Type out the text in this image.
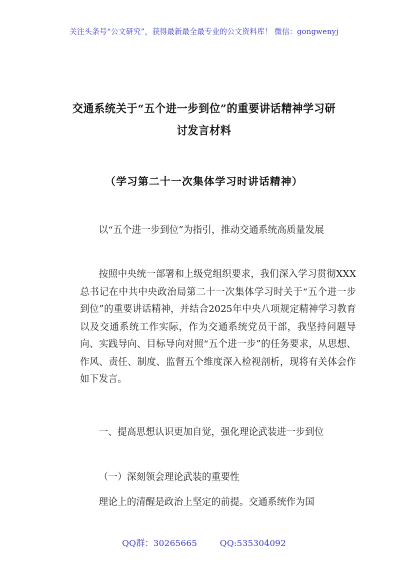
关注头条号“公文研究”，获得最新最全最专业的公文资料库！ 微信：gongwenyj
交通系统关于“五个进一步到位”的重要讲话精神学习研
讨发言材料
（学习第二十一次集体学习时讲话精神）

以“五个进一步到位”为指引，推动交通系统高质量发展

按照中央统一部署和上级党组织要求，我们深入学习贯彻XXX总书记在中共中央政治局第二十一次集体学习时关于“五个进一步到位”的重要讲话精神，并结合2025年中央八项规定精神学习教育以及交通系统工作实际，作为交通系统党员干部，我坚持问题导向、实践导向、目标导向对照“五个进一步”的任务要求，从思想、作风、责任、制度、监督五个维度深入检视剖析，现将有关体会作如下发言。

一、提高思想认识更加自觉，强化理论武装进一步到位

（一）深刻领会理论武装的重要性

理论上的清醒是政治上坚定的前提。交通系统作为国

QQ群：30265665	QQ:535304092
